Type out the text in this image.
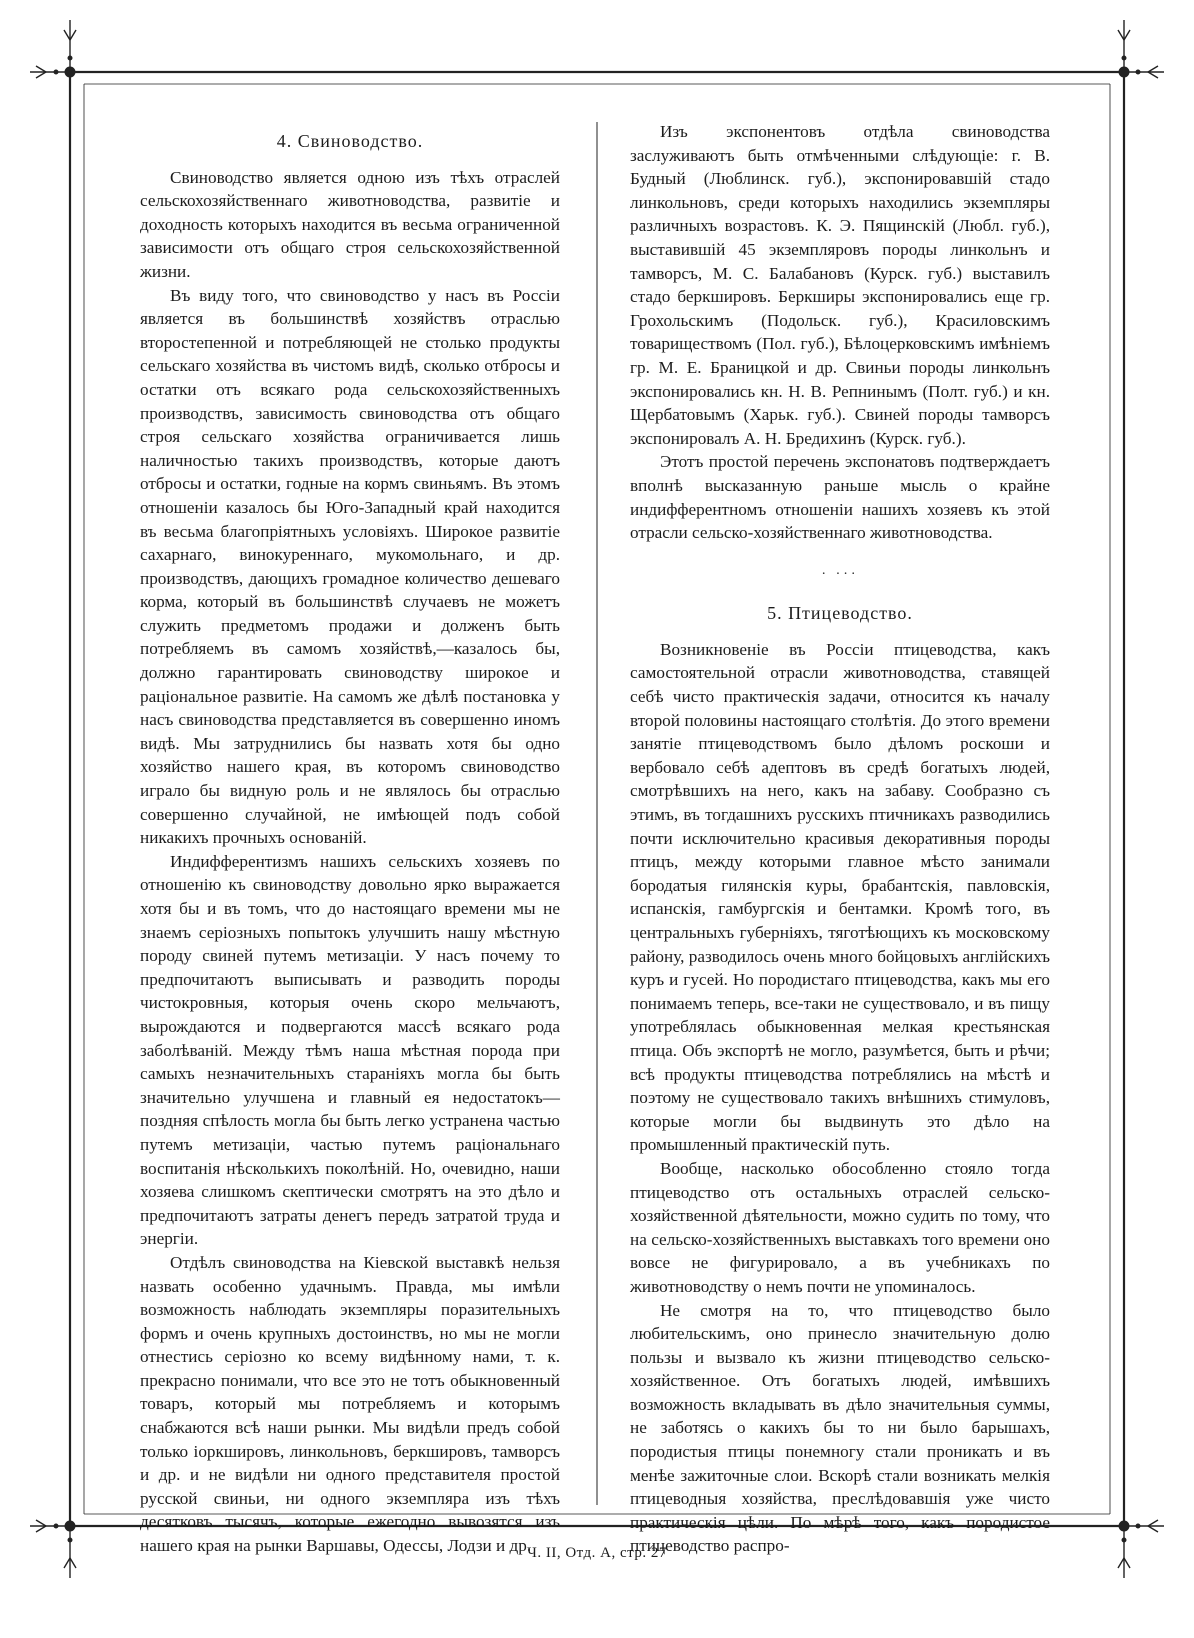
4. Свиноводство.

Свиноводство является одною изъ тѣхъ отраслей сельскохозяйственнаго животноводства, развитіе и доходность которыхъ находится въ весьма ограниченной зависимости отъ общаго строя сельскохозяйственной жизни.

Въ виду того, что свиноводство у насъ въ Россіи является въ большинствѣ хозяйствъ отраслью второстепенной и потребляющей не столько продукты сельскаго хозяйства въ чистомъ видѣ, сколько отбросы и остатки отъ всякаго рода сельскохозяйственныхъ производствъ, зависимость свиноводства отъ общаго строя сельскаго хозяйства ограничивается лишь наличностью такихъ производствъ, которые даютъ отбросы и остатки, годные на кормъ свиньямъ. Въ этомъ отношеніи казалось бы Юго-Западный край находится въ весьма благопріятныхъ условіяхъ. Широкое развитіе сахарнаго, винокуреннаго, мукомольнаго, и др. производствъ, дающихъ громадное количество дешеваго корма, который въ большинствѣ случаевъ не можетъ служить предметомъ продажи и долженъ быть потребляемъ въ самомъ хозяйствѣ,—казалось бы, должно гарантировать свиноводству широкое и раціональное развитіе. На самомъ же дѣлѣ постановка у насъ свиноводства представляется въ совершенно иномъ видѣ. Мы затруднились бы назвать хотя бы одно хозяйство нашего края, въ которомъ свиноводство играло бы видную роль и не являлось бы отраслью совершенно случайной, не имѣющей подъ собой никакихъ прочныхъ основаній.

Индифферентизмъ нашихъ сельскихъ хозяевъ по отношенію къ свиноводству довольно ярко выражается хотя бы и въ томъ, что до настоящаго времени мы не знаемъ серіозныхъ попытокъ улучшить нашу мѣстную породу свиней путемъ метизаціи. У насъ почему то предпочитаютъ выписывать и разводить породы чистокровныя, которыя очень скоро мельчаютъ, вырождаются и подвергаются массѣ всякаго рода заболѣваній. Между тѣмъ наша мѣстная порода при самыхъ незначительныхъ стараніяхъ могла бы быть значительно улучшена и главный ея недостатокъ—поздняя спѣлость могла бы быть легко устранена частью путемъ метизаціи, частью путемъ раціональнаго воспитанія нѣсколькихъ поколѣній. Но, очевидно, наши хозяева слишкомъ скептически смотрятъ на это дѣло и предпочитаютъ затраты денегъ передъ затратой труда и энергіи.

Отдѣлъ свиноводства на Кіевской выставкѣ нельзя назвать особенно удачнымъ. Правда, мы имѣли возможность наблюдать экземпляры поразительныхъ формъ и очень крупныхъ достоинствъ, но мы не могли отнестись серіозно ко всему видѣнному нами, т. к. прекрасно понимали, что все это не тотъ обыкновенный товаръ, который мы потребляемъ и которымъ снабжаются всѣ наши рынки. Мы видѣли предъ собой только іоркшировъ, линкольновъ, беркшировъ, тамворсъ и др. и не видѣли ни одного представителя простой русской свиньи, ни одного экземпляра изъ тѣхъ десятковъ тысячъ, которые ежегодно вывозятся изъ нашего края на рынки Варшавы, Одессы, Лодзи и др.

Изъ экспонентовъ отдѣла свиноводства заслуживаютъ быть отмѣченными слѣдующіе: г. В. Будный (Люблинск. губ.), экспонировавшій стадо линкольновъ, среди которыхъ находились экземпляры различныхъ возрастовъ. К. Э. Пящинскій (Любл. губ.), выставившій 45 экземпляровъ породы линкольнъ и тамворсъ, М. С. Балабановъ (Курск. губ.) выставилъ стадо беркшировъ. Беркширы экспонировались еще гр. Грохольскимъ (Подольск. губ.), Красиловскимъ товариществомъ (Пол. губ.), Бѣлоцерковскимъ имѣніемъ гр. М. Е. Браницкой и др. Свиньи породы линкольнъ экспонировались кн. Н. В. Репнинымъ (Полт. губ.) и кн. Щербатовымъ (Харьк. губ.). Свиней породы тамворсъ экспонировалъ А. Н. Бредихинъ (Курск. губ.).

Этотъ простой перечень экспонатовъ подтверждаетъ вполнѣ высказанную раньше мысль о крайне индифферентномъ отношеніи нашихъ хозяевъ къ этой отрасли сельско-хозяйственнаго животноводства.

· ···
5. Птицеводство.

Возникновеніе въ Россіи птицеводства, какъ самостоятельной отрасли животноводства, ставящей себѣ чисто практическія задачи, относится къ началу второй половины настоящаго столѣтія. До этого времени занятіе птицеводствомъ было дѣломъ роскоши и вербовало себѣ адептовъ въ средѣ богатыхъ людей, смотрѣвшихъ на него, какъ на забаву. Сообразно съ этимъ, въ тогдашнихъ русскихъ птичникахъ разводились почти исключительно красивыя декоративныя породы птицъ, между которыми главное мѣсто занимали бородатыя гилянскія куры, брабантскія, павловскія, испанскія, гамбургскія и бентамки. Кромѣ того, въ центральныхъ губерніяхъ, тяготѣющихъ къ московскому району, разводилось очень много бойцовыхъ англійскихъ куръ и гусей. Но породистаго птицеводства, какъ мы его понимаемъ теперь, все-таки не существовало, и въ пищу употреблялась обыкновенная мелкая крестьянская птица. Объ экспортѣ не могло, разумѣется, быть и рѣчи; всѣ продукты птицеводства потреблялись на мѣстѣ и поэтому не существовало такихъ внѣшнихъ стимуловъ, которые могли бы выдвинуть это дѣло на промышленный практическій путь.

Вообще, насколько обособленно стояло тогда птицеводство отъ остальныхъ отраслей сельско-хозяйственной дѣятельности, можно судить по тому, что на сельско-хозяйственныхъ выставкахъ того времени оно вовсе не фигурировало, а въ учебникахъ по животноводству о немъ почти не упоминалось.

Не смотря на то, что птицеводство было любительскимъ, оно принесло значительную долю пользы и вызвало къ жизни птицеводство сельско-хозяйственное. Отъ богатыхъ людей, имѣвшихъ возможность вкладывать въ дѣло значительныя суммы, не заботясь о какихъ бы то ни было барышахъ, породистыя птицы понемногу стали проникать и въ менѣе зажиточные слои. Вскорѣ стали возникать мелкія птицеводныя хозяйства, преслѣдовавшія уже чисто практическія цѣли. По мѣрѣ того, какъ породистое птицеводство распро-

Ч. II, Отд. А, стр. 27
